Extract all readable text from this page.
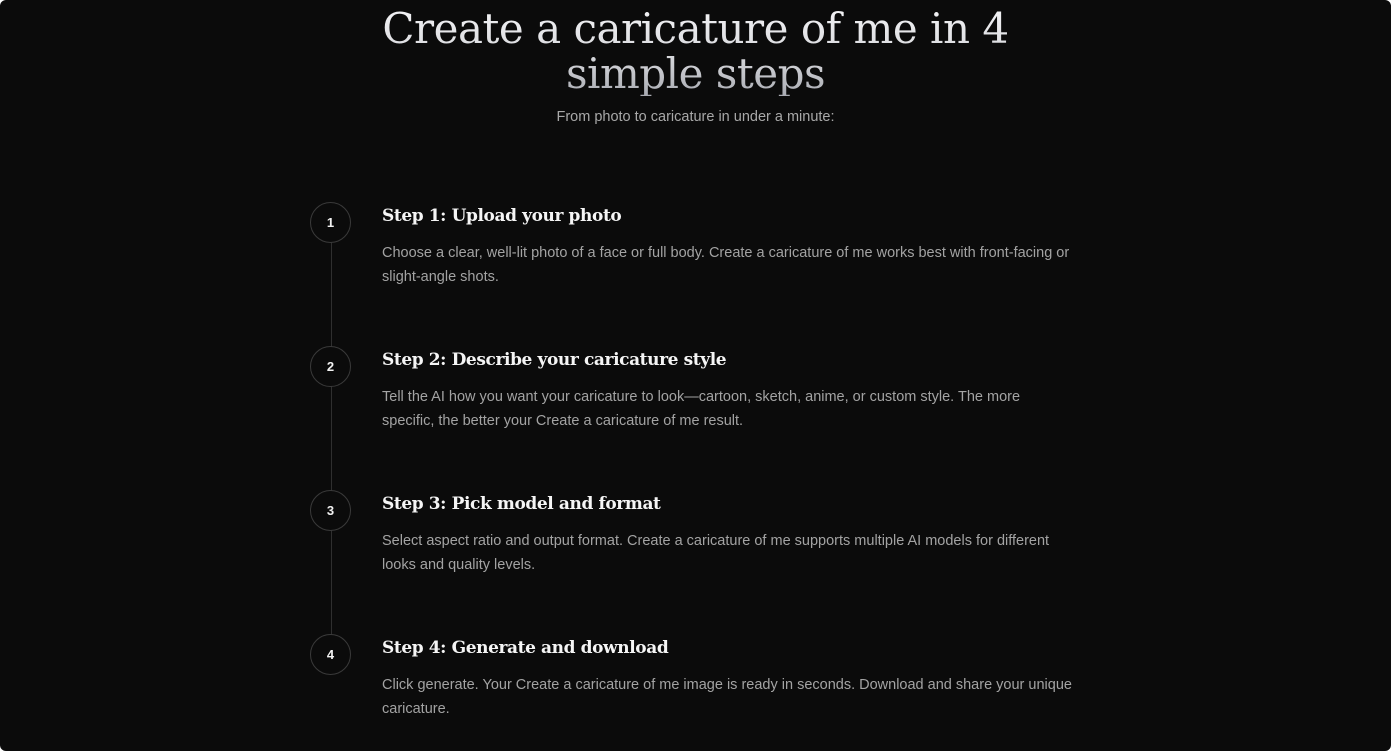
Create a caricature of me in 4 simple steps

From photo to caricature in under a minute:

1	Step 1: Upload your photo

Choose a clear, well-lit photo of a face or full body. Create a caricature of me works best with front-facing or slight-angle shots.

2	Step 2: Describe your caricature style

Tell the AI how you want your caricature to look—cartoon, sketch, anime, or custom style. The more specific, the better your Create a caricature of me result.

3	Step 3: Pick model and format

Select aspect ratio and output format. Create a caricature of me supports multiple AI models for different looks and quality levels.

4	Step 4: Generate and download

Click generate. Your Create a caricature of me image is ready in seconds. Download and share your unique caricature.
